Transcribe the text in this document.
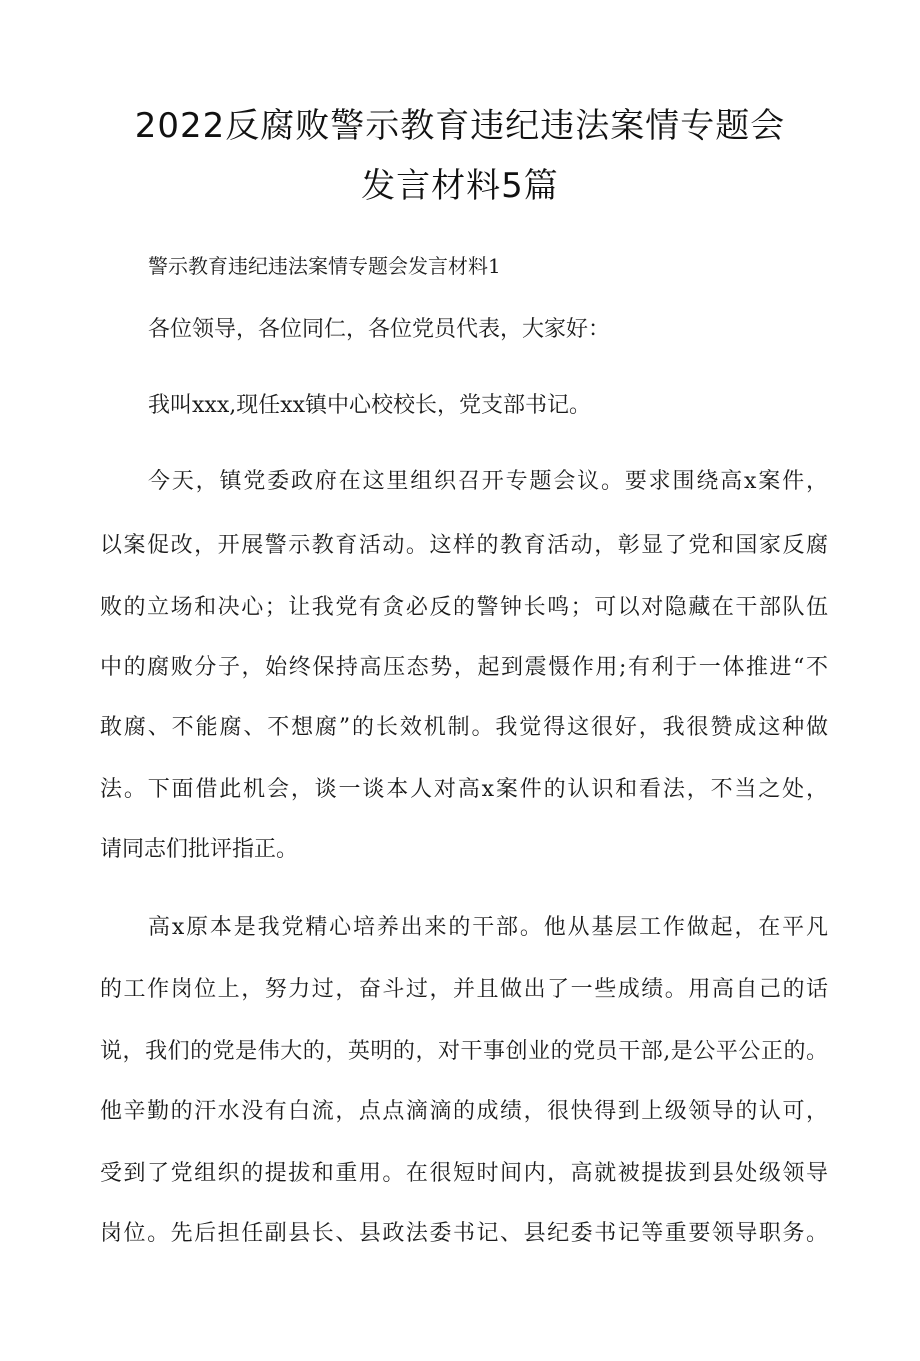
2022反腐败警示教育违纪违法案情专题会
发言材料5篇
警示教育违纪违法案情专题会发言材料1
各位领导，各位同仁，各位党员代表，大家好：
我叫xxx,现任xx镇中心校校长，党支部书记。
今天，镇党委政府在这里组织召开专题会议。要求围绕高x案件，
以案促改，开展警示教育活动。这样的教育活动，彰显了党和国家反腐
败的立场和决心；让我党有贪必反的警钟长鸣；可以对隐藏在干部队伍
中的腐败分子，始终保持高压态势，起到震慑作用;有利于一体推进“不
敢腐、不能腐、不想腐”的长效机制。我觉得这很好，我很赞成这种做
法。下面借此机会，谈一谈本人对高x案件的认识和看法，不当之处，
请同志们批评指正。
高x原本是我党精心培养出来的干部。他从基层工作做起，在平凡
的工作岗位上，努力过，奋斗过，并且做出了一些成绩。用高自己的话
说，我们的党是伟大的，英明的，对干事创业的党员干部,是公平公正的。
他辛勤的汗水没有白流，点点滴滴的成绩，很快得到上级领导的认可，
受到了党组织的提拔和重用。在很短时间内，高就被提拔到县处级领导
岗位。先后担任副县长、县政法委书记、县纪委书记等重要领导职务。
